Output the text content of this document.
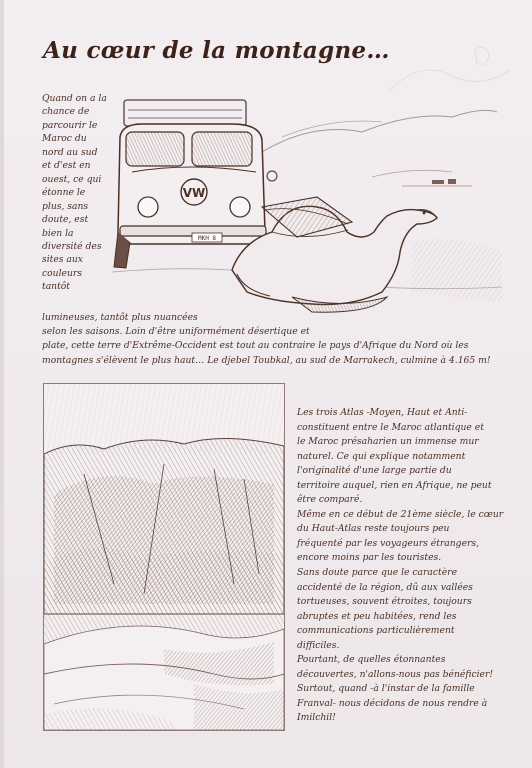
Au cœur de la montagne…
Quand on a la
chance de
parcourir le
Maroc du
nord au sud
et d'est en
ouest, ce qui
étonne le
plus, sans
doute, est
bien la
diversité des
sites aux
couleurs
tantôt
VW
MKH 8
lumineuses, tantôt plus nuancées
selon les saisons. Loin d'être uniformément désertique et
plate, cette terre d'Extrême-Occident est tout au contraire le pays d'Afrique du Nord où les
montagnes s'élèvent le plus haut… Le djebel Toubkal, au sud de Marrakech, culmine à 4.165 m!
Les trois Atlas -Moyen, Haut et Anti-
constituent entre le Maroc atlantique et
le Maroc présaharien un immense mur
naturel. Ce qui explique notamment
l'originalité d'une large partie du
territoire auquel, rien en Afrique, ne peut
être comparé.
Même en ce début de 21ème siècle, le cœur
du Haut-Atlas reste toujours peu
fréquenté par les voyageurs étrangers,
encore moins par les touristes.
Sans doute parce que le caractère
accidenté de la région, dû aux vallées
tortueuses, souvent étroites, toujours
abruptes et peu habitées, rend les
communications particulièrement
difficiles.
Pourtant, de quelles étonnantes
découvertes, n'allons-nous pas bénéficier!
Surtout, quand -à l'instar de la famille
Franval- nous décidons de nous rendre à
Imilchil!
